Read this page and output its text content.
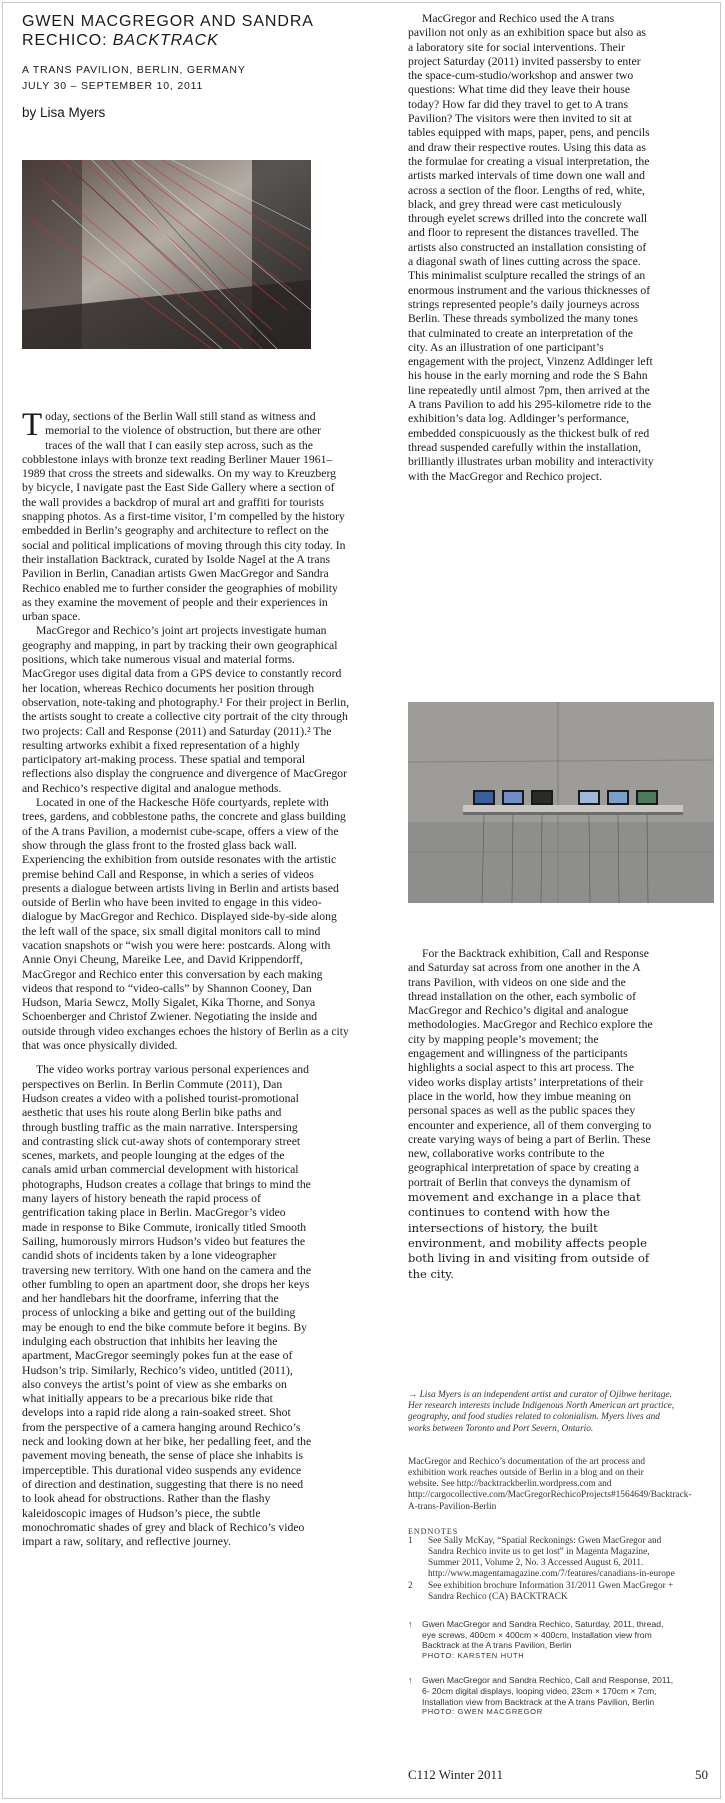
GWEN MACGREGOR AND SANDRA
RECHICO: BACKTRACK
A TRANS PAVILION, BERLIN, GERMANY
JULY 30 – SEPTEMBER 10, 2011
by Lisa Myers

Today, sections of the Berlin Wall still stand as witness and memorial to the violence of obstruction, but there are other traces of the wall that I can easily step across, such as the cobblestone inlays with bronze text reading Berliner Mauer 1961–1989 that cross the streets and sidewalks. On my way to Kreuzberg by bicycle, I navigate past the East Side Gallery where a section of the wall provides a backdrop of mural art and graffiti for tourists snapping photos. As a first-time visitor, I’m compelled by the history embedded in Berlin’s geography and architecture to reflect on the social and political implications of moving through this city today. In their installation Backtrack, curated by Isolde Nagel at the A trans Pavilion in Berlin, Canadian artists Gwen MacGregor and Sandra Rechico enabled me to further consider the geographies of mobility as they examine the movement of people and their experiences in urban space.

MacGregor and Rechico’s joint art projects investigate human geography and mapping, in part by tracking their own geographical positions, which take numerous visual and material forms. MacGregor uses digital data from a GPS device to constantly record her location, whereas Rechico documents her position through observation, note-taking and photography.¹ For their project in Berlin, the artists sought to create a collective city portrait of the city through two projects: Call and Response (2011) and Saturday (2011).² The resulting artworks exhibit a fixed representation of a highly participatory art-making process. These spatial and temporal reflections also display the congruence and divergence of MacGregor and Rechico’s respective digital and analogue methods.

Located in one of the Hackesche Höfe courtyards, replete with trees, gardens, and cobblestone paths, the concrete and glass building of the A trans Pavilion, a modernist cube-scape, offers a view of the show through the glass front to the frosted glass back wall. Experiencing the exhibition from outside resonates with the artistic premise behind Call and Response, in which a series of videos presents a dialogue between artists living in Berlin and artists based outside of Berlin who have been invited to engage in this video-dialogue by MacGregor and Rechico. Displayed side-by-side along the left wall of the space, six small digital monitors call to mind vacation snapshots or “wish you were here: postcards. Along with Annie Onyi Cheung, Mareike Lee, and David Krippendorff, MacGregor and Rechico enter this conversation by each making videos that respond to “video-calls” by Shannon Cooney, Dan Hudson, Maria Sewcz, Molly Sigalet, Kika Thorne, and Sonya Schoenberger and Christof Zwiener. Negotiating the inside and outside through video exchanges echoes the history of Berlin as a city that was once physically divided.

The video works portray various personal experiences and perspectives on Berlin. In Berlin Commute (2011), Dan Hudson creates a video with a polished tourist-promotional aesthetic that uses his route along Berlin bike paths and through bustling traffic as the main narrative. Interspersing and contrasting slick cut-away shots of contemporary street scenes, markets, and people lounging at the edges of the canals amid urban commercial development with historical photographs, Hudson creates a collage that brings to mind the many layers of history beneath the rapid process of gentrification taking place in Berlin. MacGregor’s video made in response to Bike Commute, ironically titled Smooth Sailing, humorously mirrors Hudson’s video but features the candid shots of incidents taken by a lone videographer traversing new territory. With one hand on the camera and the other fumbling to open an apartment door, she drops her keys and her handlebars hit the doorframe, inferring that the process of unlocking a bike and getting out of the building may be enough to end the bike commute before it begins. By indulging each obstruction that inhibits her leaving the apartment, MacGregor seemingly pokes fun at the ease of Hudson’s trip. Similarly, Rechico’s video, untitled (2011), also conveys the artist’s point of view as she embarks on what initially appears to be a precarious bike ride that develops into a rapid ride along a rain-soaked street. Shot from the perspective of a camera hanging around Rechico’s neck and looking down at her bike, her pedalling feet, and the pavement moving beneath, the sense of place she inhabits is imperceptible. This durational video suspends any evidence of direction and destination, suggesting that there is no need to look ahead for obstructions. Rather than the flashy kaleidoscopic images of Hudson’s piece, the subtle monochromatic shades of grey and black of Rechico’s video impart a raw, solitary, and reflective journey.

MacGregor and Rechico used the A trans pavilion not only as an exhibition space but also as a laboratory site for social interventions. Their project Saturday (2011) invited passersby to enter the space-cum-studio/workshop and answer two questions: What time did they leave their house today? How far did they travel to get to A trans Pavilion? The visitors were then invited to sit at tables equipped with maps, paper, pens, and pencils and draw their respective routes. Using this data as the formulae for creating a visual interpretation, the artists marked intervals of time down one wall and across a section of the floor. Lengths of red, white, black, and grey thread were cast meticulously through eyelet screws drilled into the concrete wall and floor to represent the distances travelled. The artists also constructed an installation consisting of a diagonal swath of lines cutting across the space. This minimalist sculpture recalled the strings of an enormous instrument and the various thicknesses of strings represented people’s daily journeys across Berlin. These threads symbolized the many tones that culminated to create an interpretation of the city. As an illustration of one participant’s engagement with the project, Vinzenz Adldinger left his house in the early morning and rode the S Bahn line repeatedly until almost 7pm, then arrived at the A trans Pavilion to add his 295-kilometre ride to the exhibition’s data log. Adldinger’s performance, embedded conspicuously as the thickest bulk of red thread suspended carefully within the installation, brilliantly illustrates urban mobility and interactivity with the MacGregor and Rechico project.

For the Backtrack exhibition, Call and Response and Saturday sat across from one another in the A trans Pavilion, with videos on one side and the thread installation on the other, each symbolic of MacGregor and Rechico’s digital and analogue methodologies. MacGregor and Rechico explore the city by mapping people’s movement; the engagement and willingness of the participants highlights a social aspect to this art process. The video works display artists’ interpretations of their place in the world, how they imbue meaning on personal spaces as well as the public spaces they encounter and experience, all of them converging to create varying ways of being a part of Berlin. These new, collaborative works contribute to the geographical interpretation of space by creating a portrait of Berlin that conveys the dynamism of movement and exchange in a place that continues to contend with how the intersections of history, the built environment, and mobility affects people both living in and visiting from outside of the city.

→ Lisa Myers is an independent artist and curator of Ojibwe heritage. Her research interests include Indigenous North American art practice, geography, and food studies related to colonialism. Myers lives and works between Toronto and Port Severn, Ontario.
MacGregor and Rechico’s documentation of the art process and exhibition work reaches outside of Berlin in a blog and on their website. See http://backtrackberlin.wordpress.com and http://cargocollective.com/MacGregorRechicoProjects#1564649/Backtrack-A-trans-Pavilion-Berlin

ENDNOTES

1	See Sally McKay, “Spatial Reckonings: Gwen MacGregor and Sandra Rechico invite us to get lost” in Magenta Magazine, Summer 2011, Volume 2, No. 3 Accessed August 6, 2011. http://www.magentamagazine.com/7/features/canadians-in-europe
2	See exhibition brochure Information 31/2011 Gwen MacGregor + Sandra Rechico (CA) BACKTRACK
↑	Gwen MacGregor and Sandra Rechico, Saturday, 2011, thread, eye screws, 400cm × 400cm × 400cm, Installation view from Backtrack at the A trans Pavilion, Berlin
PHOTO: KARSTEN HUTH
↑	Gwen MacGregor and Sandra Rechico, Call and Response, 2011, 6- 20cm digital displays, looping video, 23cm × 170cm × 7cm, Installation view from Backtrack at the A trans Pavilion, Berlin
PHOTO: GWEN MACGREGOR
C112 Winter 2011	50
